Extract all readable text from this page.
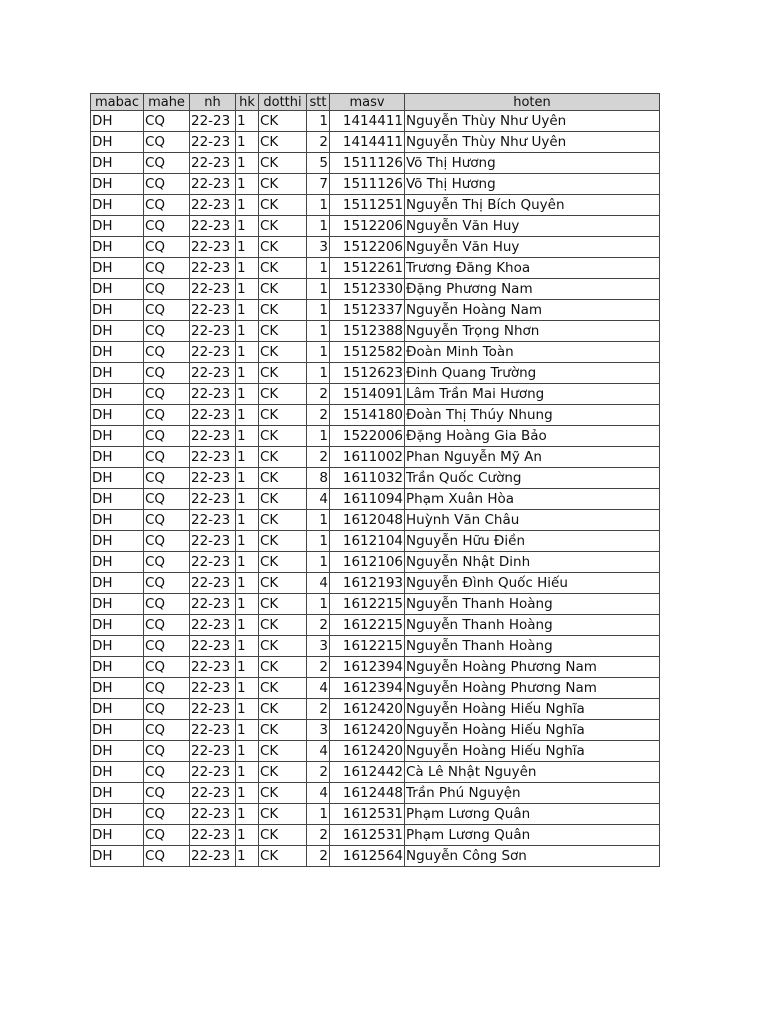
mabac	mahe	nh	hk	dotthi	stt	masv	hoten
DH	CQ	22-23	1	CK	1	1414411	Nguyễn Thùy Như Uyên
DH	CQ	22-23	1	CK	2	1414411	Nguyễn Thùy Như Uyên
DH	CQ	22-23	1	CK	5	1511126	Võ Thị Hương
DH	CQ	22-23	1	CK	7	1511126	Võ Thị Hương
DH	CQ	22-23	1	CK	1	1511251	Nguyễn Thị Bích Quyên
DH	CQ	22-23	1	CK	1	1512206	Nguyễn Văn Huy
DH	CQ	22-23	1	CK	3	1512206	Nguyễn Văn Huy
DH	CQ	22-23	1	CK	1	1512261	Trương Đăng Khoa
DH	CQ	22-23	1	CK	1	1512330	Đặng Phương Nam
DH	CQ	22-23	1	CK	1	1512337	Nguyễn Hoàng Nam
DH	CQ	22-23	1	CK	1	1512388	Nguyễn Trọng Nhơn
DH	CQ	22-23	1	CK	1	1512582	Đoàn Minh Toàn
DH	CQ	22-23	1	CK	1	1512623	Đinh Quang Trường
DH	CQ	22-23	1	CK	2	1514091	Lâm Trần Mai Hương
DH	CQ	22-23	1	CK	2	1514180	Đoàn Thị Thúy Nhung
DH	CQ	22-23	1	CK	1	1522006	Đặng Hoàng Gia Bảo
DH	CQ	22-23	1	CK	2	1611002	Phan Nguyễn Mỹ An
DH	CQ	22-23	1	CK	8	1611032	Trần Quốc Cường
DH	CQ	22-23	1	CK	4	1611094	Phạm Xuân Hòa
DH	CQ	22-23	1	CK	1	1612048	Huỳnh Văn Châu
DH	CQ	22-23	1	CK	1	1612104	Nguyễn Hữu Điền
DH	CQ	22-23	1	CK	1	1612106	Nguyễn Nhật Dinh
DH	CQ	22-23	1	CK	4	1612193	Nguyễn Đình Quốc Hiếu
DH	CQ	22-23	1	CK	1	1612215	Nguyễn Thanh Hoàng
DH	CQ	22-23	1	CK	2	1612215	Nguyễn Thanh Hoàng
DH	CQ	22-23	1	CK	3	1612215	Nguyễn Thanh Hoàng
DH	CQ	22-23	1	CK	2	1612394	Nguyễn Hoàng Phương Nam
DH	CQ	22-23	1	CK	4	1612394	Nguyễn Hoàng Phương Nam
DH	CQ	22-23	1	CK	2	1612420	Nguyễn Hoàng Hiếu Nghĩa
DH	CQ	22-23	1	CK	3	1612420	Nguyễn Hoàng Hiếu Nghĩa
DH	CQ	22-23	1	CK	4	1612420	Nguyễn Hoàng Hiếu Nghĩa
DH	CQ	22-23	1	CK	2	1612442	Cà Lê Nhật Nguyên
DH	CQ	22-23	1	CK	4	1612448	Trần Phú Nguyện
DH	CQ	22-23	1	CK	1	1612531	Phạm Lương Quân
DH	CQ	22-23	1	CK	2	1612531	Phạm Lương Quân
DH	CQ	22-23	1	CK	2	1612564	Nguyễn Công Sơn
